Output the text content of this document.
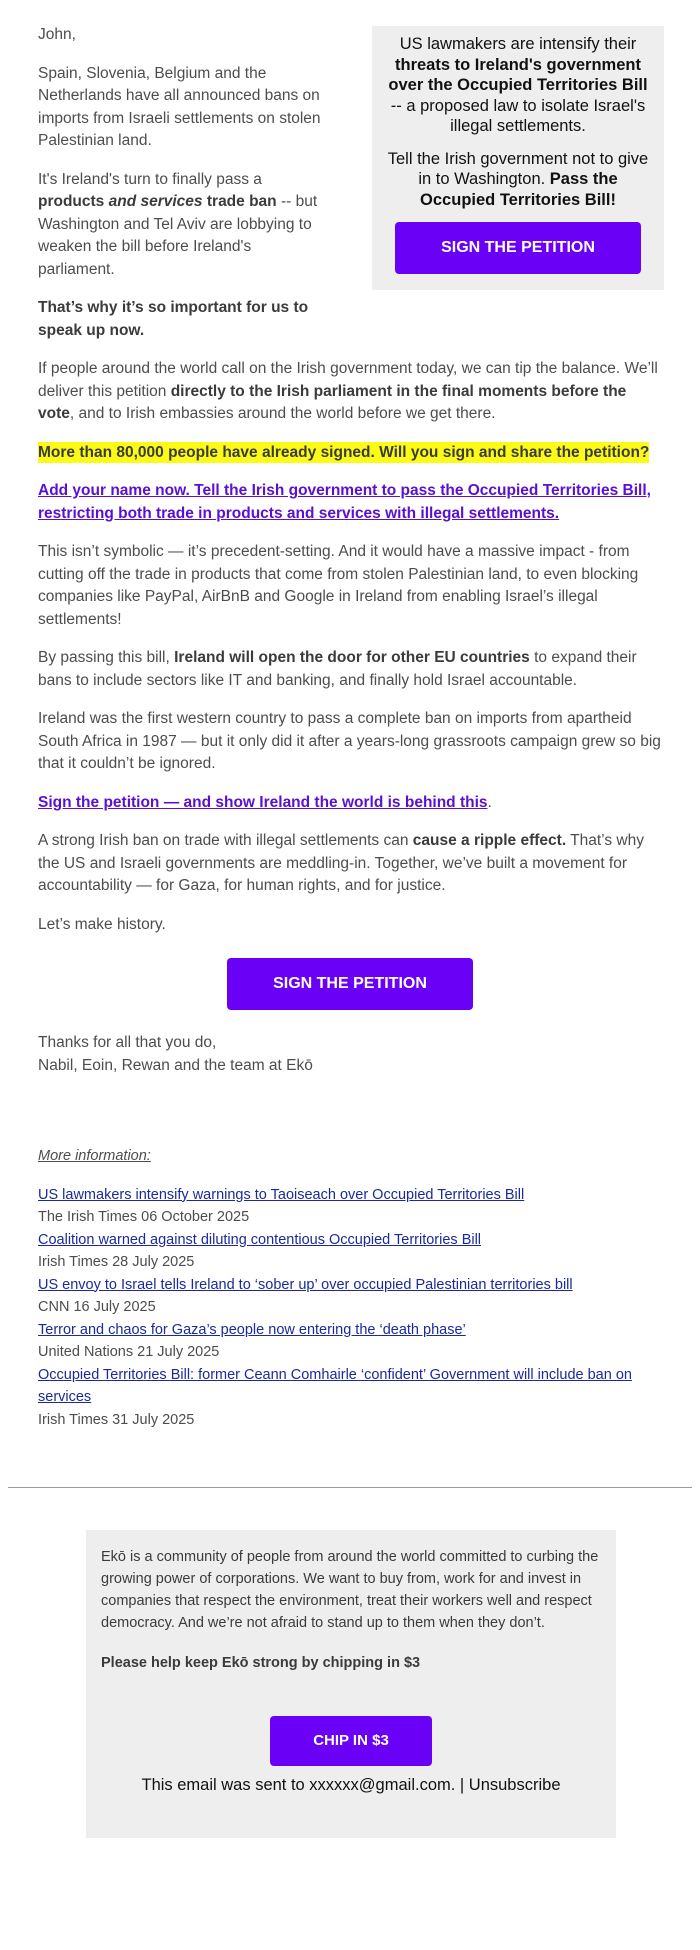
US lawmakers are intensify their threats to Ireland's government over the Occupied Territories Bill -- a proposed law to isolate Israel's illegal settlements.

Tell the Irish government not to give in to Washington. Pass the Occupied Territories Bill!

SIGN THE PETITION

John,

Spain, Slovenia, Belgium and the Netherlands have all announced bans on imports from Israeli settlements on stolen Palestinian land.

It's Ireland's turn to finally pass a products and services trade ban -- but Washington and Tel Aviv are lobbying to weaken the bill before Ireland's parliament.

That’s why it’s so important for us to speak up now.

If people around the world call on the Irish government today, we can tip the balance. We’ll deliver this petition directly to the Irish parliament in the final moments before the vote, and to Irish embassies around the world before we get there.

More than 80,000 people have already signed. Will you sign and share the petition?

Add your name now. Tell the Irish government to pass the Occupied Territories Bill, restricting both trade in products and services with illegal settlements.

This isn’t symbolic — it’s precedent-setting. And it would have a massive impact - from cutting off the trade in products that come from stolen Palestinian land, to even blocking companies like PayPal, AirBnB and Google in Ireland from enabling Israel’s illegal settlements!

By passing this bill, Ireland will open the door for other EU countries to expand their bans to include sectors like IT and banking, and finally hold Israel accountable.

Ireland was the first western country to pass a complete ban on imports from apartheid South Africa in 1987 — but it only did it after a years-long grassroots campaign grew so big that it couldn’t be ignored.

Sign the petition — and show Ireland the world is behind this.

A strong Irish ban on trade with illegal settlements can cause a ripple effect. That’s why the US and Israeli governments are meddling-in. Together, we’ve built a movement for accountability — for Gaza, for human rights, and for justice.

Let’s make history.

SIGN THE PETITION

Thanks for all that you do,
Nabil, Eoin, Rewan and the team at Ekō

More information:

US lawmakers intensify warnings to Taoiseach over Occupied Territories Bill
The Irish Times 06 October 2025
Coalition warned against diluting contentious Occupied Territories Bill
Irish Times 28 July 2025
US envoy to Israel tells Ireland to ‘sober up’ over occupied Palestinian territories bill
CNN 16 July 2025
Terror and chaos for Gaza’s people now entering the ‘death phase’
United Nations 21 July 2025
Occupied Territories Bill: former Ceann Comhairle ‘confident’ Government will include ban on services
Irish Times 31 July 2025

Ekō is a community of people from around the world committed to curbing the growing power of corporations. We want to buy from, work for and invest in companies that respect the environment, treat their workers well and respect democracy. And we’re not afraid to stand up to them when they don’t.

Please help keep Ekō strong by chipping in $3

CHIP IN $3
This email was sent to xxxxxx@gmail.com. | Unsubscribe
